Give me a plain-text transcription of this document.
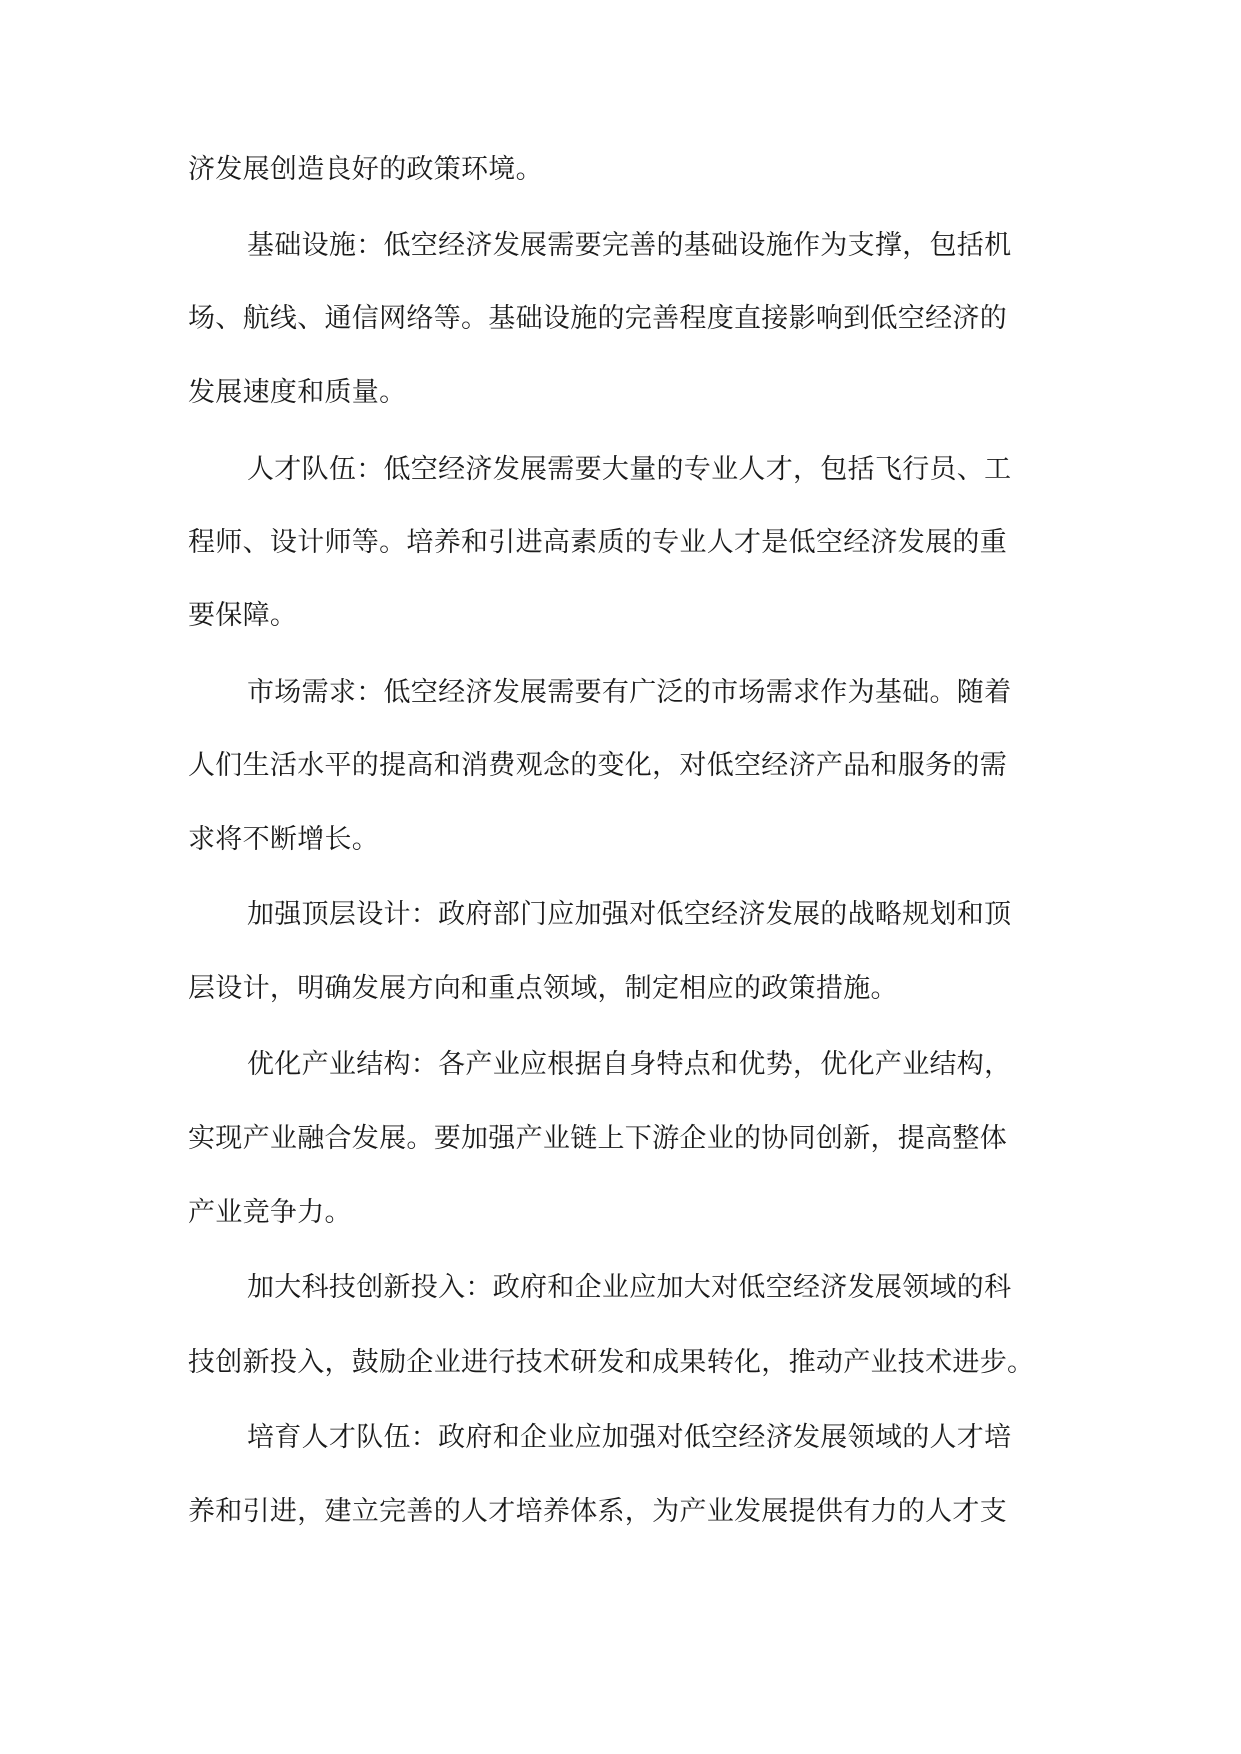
济发展创造良好的政策环境。
基础设施：低空经济发展需要完善的基础设施作为支撑，包括机
场、航线、通信网络等。基础设施的完善程度直接影响到低空经济的
发展速度和质量。
人才队伍：低空经济发展需要大量的专业人才，包括飞行员、工
程师、设计师等。培养和引进高素质的专业人才是低空经济发展的重
要保障。
市场需求：低空经济发展需要有广泛的市场需求作为基础。随着
人们生活水平的提高和消费观念的变化，对低空经济产品和服务的需
求将不断增长。
加强顶层设计：政府部门应加强对低空经济发展的战略规划和顶
层设计，明确发展方向和重点领域，制定相应的政策措施。
优化产业结构：各产业应根据自身特点和优势，优化产业结构，
实现产业融合发展。要加强产业链上下游企业的协同创新，提高整体
产业竞争力。
加大科技创新投入：政府和企业应加大对低空经济发展领域的科
技创新投入，鼓励企业进行技术研发和成果转化，推动产业技术进步。
培育人才队伍：政府和企业应加强对低空经济发展领域的人才培
养和引进，建立完善的人才培养体系，为产业发展提供有力的人才支
